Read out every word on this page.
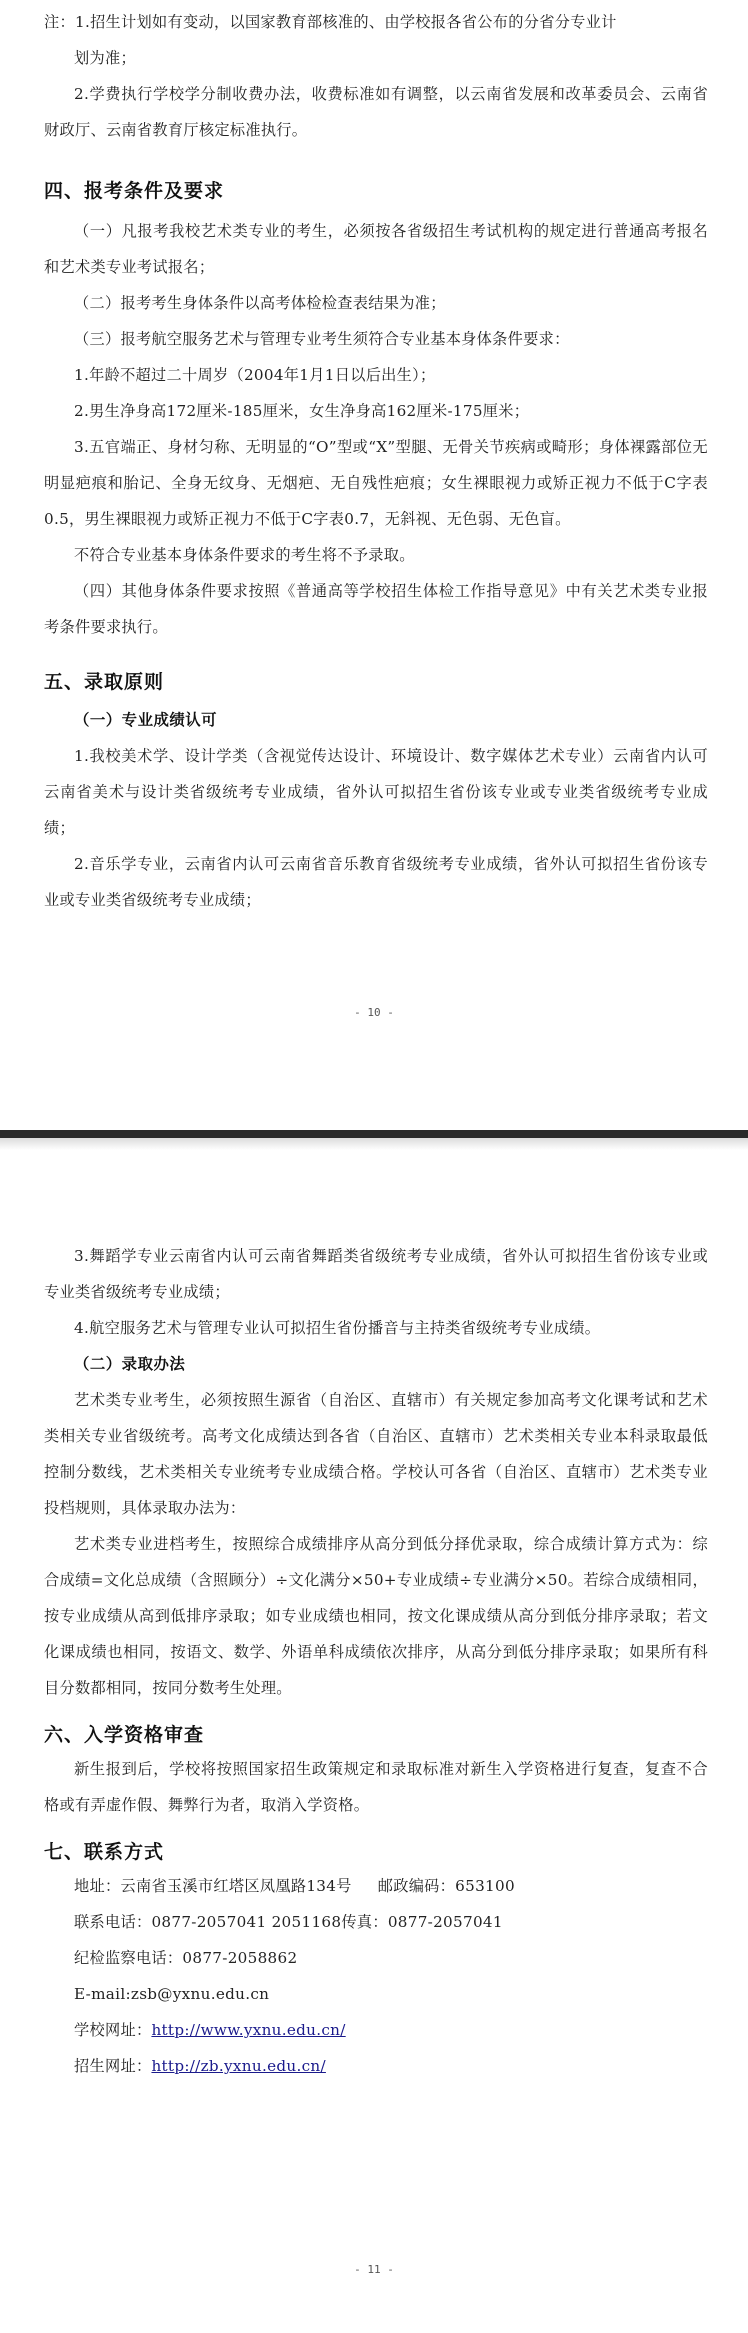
注：1.招生计划如有变动，以国家教育部核准的、由学校报各省公布的分省分专业计

划为准；

2.学费执行学校学分制收费办法，收费标准如有调整，以云南省发展和改革委员会、云南省财政厅、云南省教育厅核定标准执行。

四、报考条件及要求

（一）凡报考我校艺术类专业的考生，必须按各省级招生考试机构的规定进行普通高考报名和艺术类专业考试报名；

（二）报考考生身体条件以高考体检检查表结果为准；

（三）报考航空服务艺术与管理专业考生须符合专业基本身体条件要求：

1.年龄不超过二十周岁（2004年1月1日以后出生）；

2.男生净身高172厘米-185厘米，女生净身高162厘米-175厘米；

3.五官端正、身材匀称、无明显的“O”型或“X”型腿、无骨关节疾病或畸形；身体裸露部位无明显疤痕和胎记、全身无纹身、无烟疤、无自残性疤痕；女生裸眼视力或矫正视力不低于C字表0.5，男生裸眼视力或矫正视力不低于C字表0.7，无斜视、无色弱、无色盲。

不符合专业基本身体条件要求的考生将不予录取。

（四）其他身体条件要求按照《普通高等学校招生体检工作指导意见》中有关艺术类专业报考条件要求执行。

五、录取原则
（一）专业成绩认可

1.我校美术学、设计学类（含视觉传达设计、环境设计、数字媒体艺术专业）云南省内认可云南省美术与设计类省级统考专业成绩，省外认可拟招生省份该专业或专业类省级统考专业成绩；

2.音乐学专业，云南省内认可云南省音乐教育省级统考专业成绩，省外认可拟招生省份该专业或专业类省级统考专业成绩；

- 10 -

3.舞蹈学专业云南省内认可云南省舞蹈类省级统考专业成绩，省外认可拟招生省份该专业或专业类省级统考专业成绩；

4.航空服务艺术与管理专业认可拟招生省份播音与主持类省级统考专业成绩。

（二）录取办法

艺术类专业考生，必须按照生源省（自治区、直辖市）有关规定参加高考文化课考试和艺术类相关专业省级统考。高考文化成绩达到各省（自治区、直辖市）艺术类相关专业本科录取最低控制分数线，艺术类相关专业统考专业成绩合格。学校认可各省（自治区、直辖市）艺术类专业投档规则，具体录取办法为：

艺术类专业进档考生，按照综合成绩排序从高分到低分择优录取，综合成绩计算方式为：综合成绩=文化总成绩（含照顾分）÷文化满分×50+专业成绩÷专业满分×50。若综合成绩相同，按专业成绩从高到低排序录取；如专业成绩也相同，按文化课成绩从高分到低分排序录取；若文化课成绩也相同，按语文、数学、外语单科成绩依次排序，从高分到低分排序录取；如果所有科目分数都相同，按同分数考生处理。

六、入学资格审查

新生报到后，学校将按照国家招生政策规定和录取标准对新生入学资格进行复查，复查不合格或有弄虚作假、舞弊行为者，取消入学资格。

七、联系方式

地址：云南省玉溪市红塔区凤凰路134号 邮政编码：653100

联系电话：0877-2057041 2051168传真：0877-2057041

纪检监察电话：0877-2058862

E-mail:zsb@yxnu.edu.cn

学校网址：http://www.yxnu.edu.cn/

招生网址：http://zb.yxnu.edu.cn/

- 11 -
